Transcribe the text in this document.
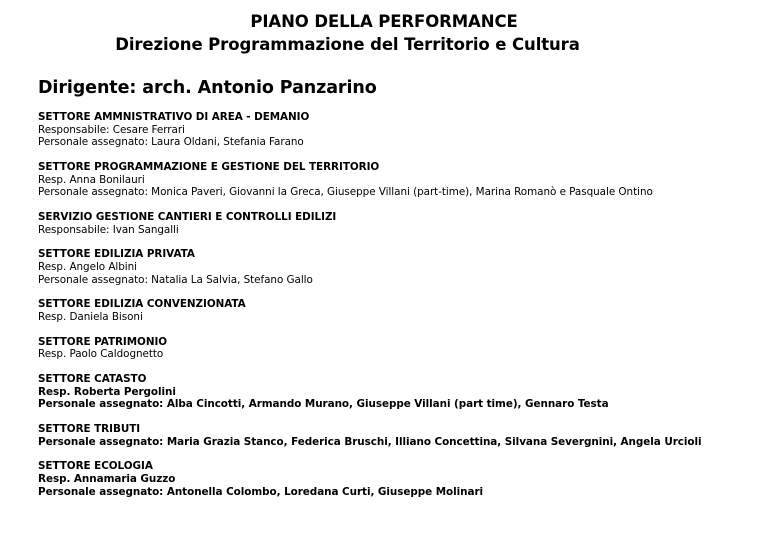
PIANO DELLA PERFORMANCE
Direzione Programmazione del Territorio e Cultura
Dirigente: arch. Antonio Panzarino
SETTORE AMMNISTRATIVO DI AREA - DEMANIO
Responsabile: Cesare Ferrari
Personale assegnato: Laura Oldani, Stefania Farano
SETTORE PROGRAMMAZIONE E GESTIONE DEL TERRITORIO
Resp. Anna Bonilauri
Personale assegnato: Monica Paveri, Giovanni la Greca, Giuseppe Villani (part-time), Marina Romanò e Pasquale Ontino
SERVIZIO GESTIONE CANTIERI E CONTROLLI EDILIZI
Responsabile: Ivan Sangalli
SETTORE EDILIZIA PRIVATA
Resp. Angelo Albini
Personale assegnato: Natalia La Salvia, Stefano Gallo
SETTORE EDILIZIA CONVENZIONATA
Resp. Daniela Bisoni
SETTORE PATRIMONIO
Resp. Paolo Caldognetto
SETTORE CATASTO
Resp. Roberta Pergolini
Personale assegnato: Alba Cincotti, Armando Murano, Giuseppe Villani (part time), Gennaro Testa
SETTORE TRIBUTI
Personale assegnato: Maria Grazia Stanco, Federica Bruschi, Illiano Concettina, Silvana Severgnini, Angela Urcioli
SETTORE ECOLOGIA
Resp. Annamaria Guzzo
Personale assegnato: Antonella Colombo, Loredana Curti, Giuseppe Molinari
